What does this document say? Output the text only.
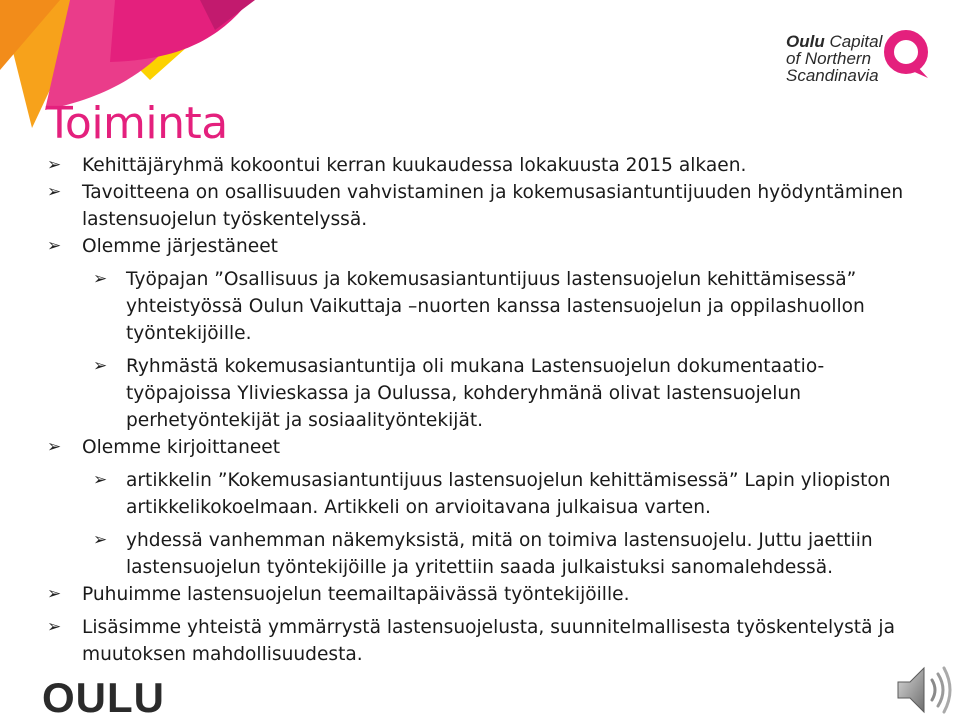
Oulu Capital
of Northern
Scandinavia
Toiminta

➢	Kehittäjäryhmä kokoontui kerran kuukaudessa lokakuusta 2015 alkaen.

➢	Tavoitteena on osallisuuden vahvistaminen ja kokemusasiantuntijuuden hyödyntäminen lastensuojelun työskentelyssä.

➢	Olemme järjestäneet

➢	Työpajan ”Osallisuus ja kokemusasiantuntijuus lastensuojelun kehittämisessä” yhteistyössä Oulun Vaikuttaja –nuorten kanssa lastensuojelun ja oppilashuollon työntekijöille.

➢	Ryhmästä kokemusasiantuntija oli mukana Lastensuojelun dokumentaatio-työpajoissa Ylivieskassa ja Oulussa, kohderyhmänä olivat lastensuojelun perhetyöntekijät ja sosiaalityöntekijät.

➢	Olemme kirjoittaneet

➢	artikkelin ”Kokemusasiantuntijuus lastensuojelun kehittämisessä” Lapin yliopiston artikkelikokoelmaan. Artikkeli on arvioitavana julkaisua varten.

➢	yhdessä vanhemman näkemyksistä, mitä on toimiva lastensuojelu. Juttu jaettiin lastensuojelun työntekijöille ja yritettiin saada julkaistuksi sanomalehdessä.

➢	Puhuimme lastensuojelun teemailtapäivässä työntekijöille.

➢	Lisäsimme yhteistä ymmärrystä lastensuojelusta, suunnitelmallisesta työskentelystä ja muutoksen mahdollisuudesta.

OULU
